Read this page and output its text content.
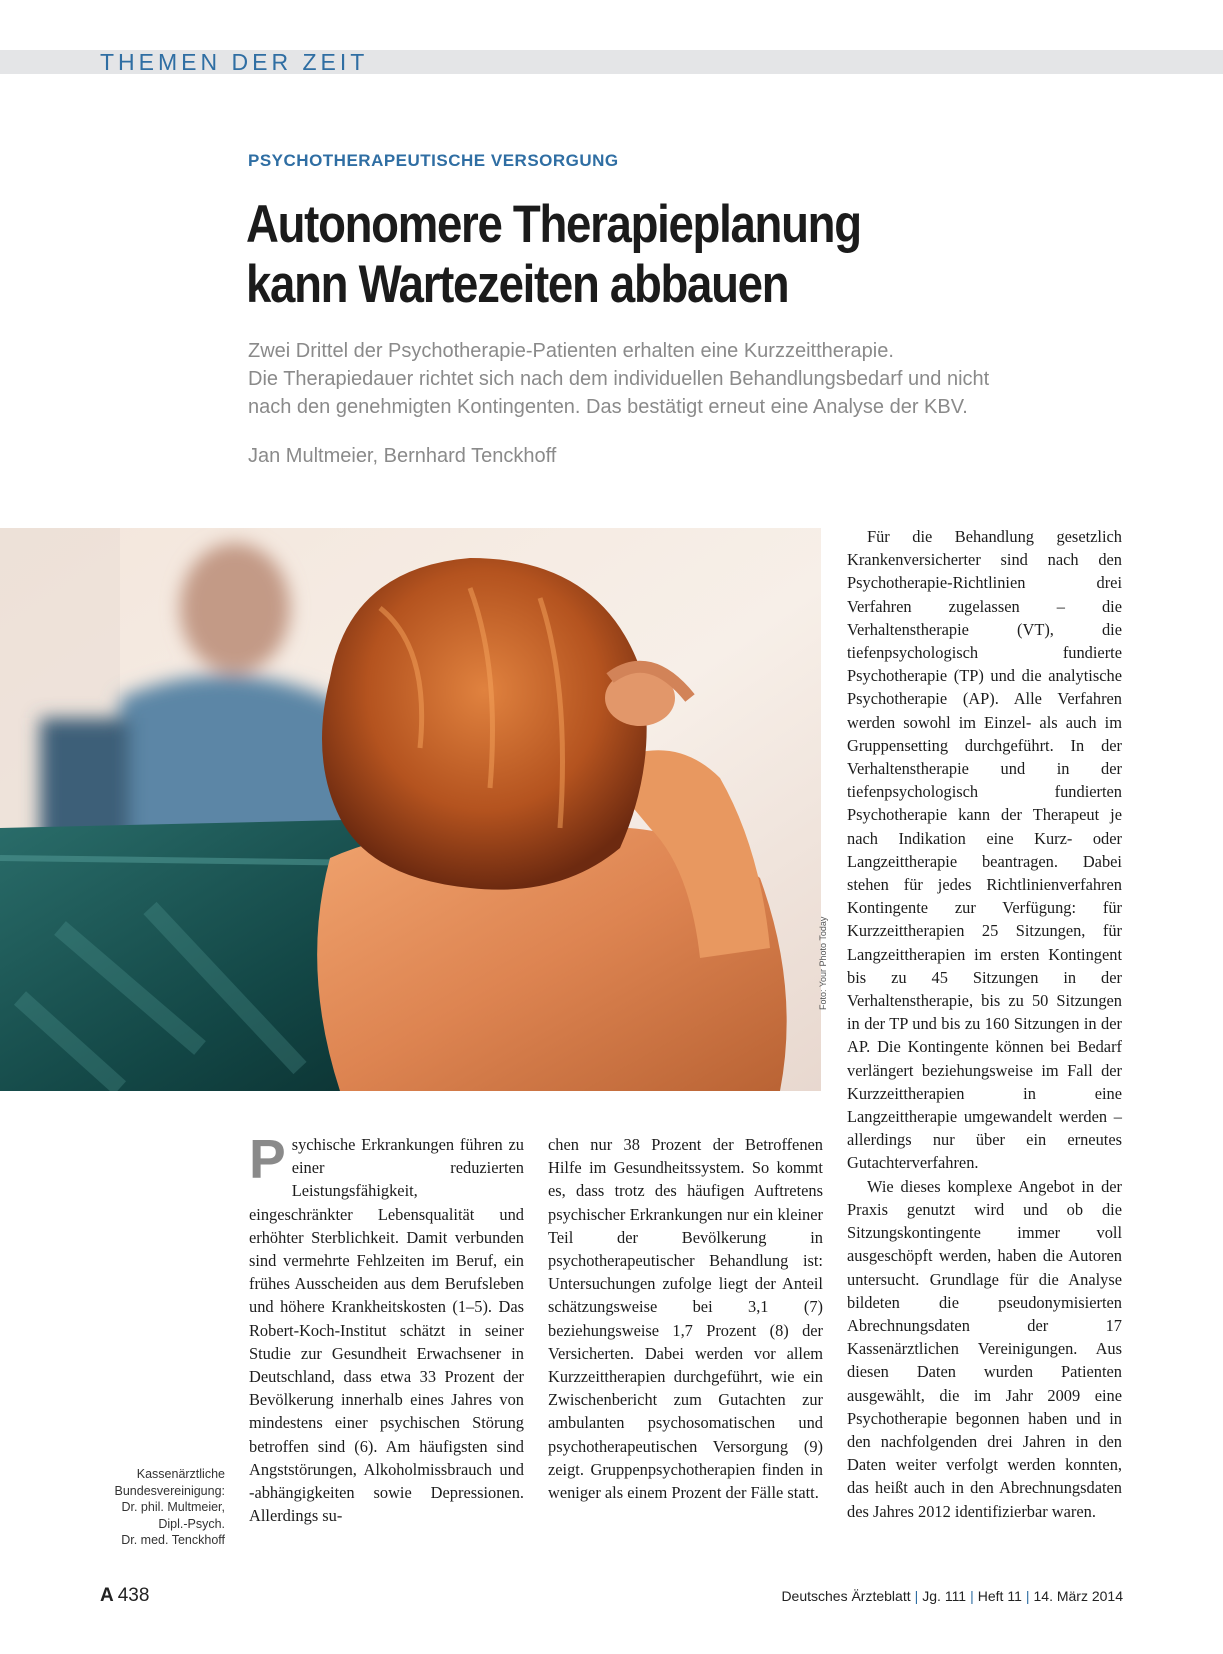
THEMEN DER ZEIT
PSYCHOTHERAPEUTISCHE VERSORGUNG
Autonomere Therapieplanung
kann Wartezeiten abbauen
Zwei Drittel der Psychotherapie-Patienten erhalten eine Kurzzeittherapie.
Die Therapiedauer richtet sich nach dem individuellen Behandlungsbedarf und nicht
nach den genehmigten Kontingenten. Das bestätigt erneut eine Analyse der KBV.
Jan Multmeier, Bernhard Tenckhoff
Foto: Your Photo Today

Psychische Erkrankungen führen zu einer reduzierten Leistungsfähigkeit, eingeschränkter Lebensqualität und erhöhter Sterblichkeit. Damit verbunden sind vermehrte Fehlzeiten im Beruf, ein frühes Ausscheiden aus dem Berufsleben und höhere Krankheitskosten (1–5). Das Robert-Koch-Institut schätzt in seiner Studie zur Gesundheit Erwachsener in Deutschland, dass etwa 33 Prozent der Bevölkerung innerhalb eines Jahres von mindestens einer psychischen Störung betroffen sind (6). Am häufigsten sind Angststörungen, Alkoholmissbrauch und -abhängigkeiten sowie Depressionen. Allerdings su-

chen nur 38 Prozent der Betroffenen Hilfe im Gesundheitssystem. So kommt es, dass trotz des häufigen Auftretens psychischer Erkrankungen nur ein kleiner Teil der Bevölkerung in psychotherapeutischer Behandlung ist: Untersuchungen zufolge liegt der Anteil schätzungsweise bei 3,1 (7) beziehungsweise 1,7 Prozent (8) der Versicherten. Dabei werden vor allem Kurzzeittherapien durchgeführt, wie ein Zwischenbericht zum Gutachten zur ambulanten psychosomatischen und psychotherapeutischen Versorgung (9) zeigt. Gruppenpsychotherapien finden in weniger als einem Prozent der Fälle statt.

Für die Behandlung gesetzlich Krankenversicherter sind nach den Psychotherapie-Richtlinien drei Verfahren zugelassen – die Verhaltenstherapie (VT), die tiefenpsychologisch fundierte Psychotherapie (TP) und die analytische Psychotherapie (AP). Alle Verfahren werden sowohl im Einzel- als auch im Gruppensetting durchgeführt. In der Verhaltenstherapie und in der tiefenpsychologisch fundierten Psychotherapie kann der Therapeut je nach Indikation eine Kurz- oder Langzeittherapie beantragen. Dabei stehen für jedes Richtlinienverfahren Kontingente zur Verfügung: für Kurzzeittherapien 25 Sitzungen, für Langzeittherapien im ersten Kontingent bis zu 45 Sitzungen in der Verhaltenstherapie, bis zu 50 Sitzungen in der TP und bis zu 160 Sitzungen in der AP. Die Kontingente können bei Bedarf verlängert beziehungsweise im Fall der Kurzzeittherapien in eine Langzeittherapie umgewandelt werden – allerdings nur über ein erneutes Gutachterverfahren.

Wie dieses komplexe Angebot in der Praxis genutzt wird und ob die Sitzungskontingente immer voll ausgeschöpft werden, haben die Autoren untersucht. Grundlage für die Analyse bildeten die pseudonymisierten Abrechnungsdaten der 17 Kassenärztlichen Vereinigungen. Aus diesen Daten wurden Patienten ausgewählt, die im Jahr 2009 eine Psychotherapie begonnen haben und in den nachfolgenden drei Jahren in den Daten weiter verfolgt werden konnten, das heißt auch in den Abrechnungsdaten des Jahres 2012 identifizierbar waren.

Kassenärztliche
Bundesvereinigung:
Dr. phil. Multmeier,
Dipl.-Psych.
Dr. med. Tenckhoff
A 438	Deutsches Ärzteblatt | Jg. 111 | Heft 11 | 14. März 2014
